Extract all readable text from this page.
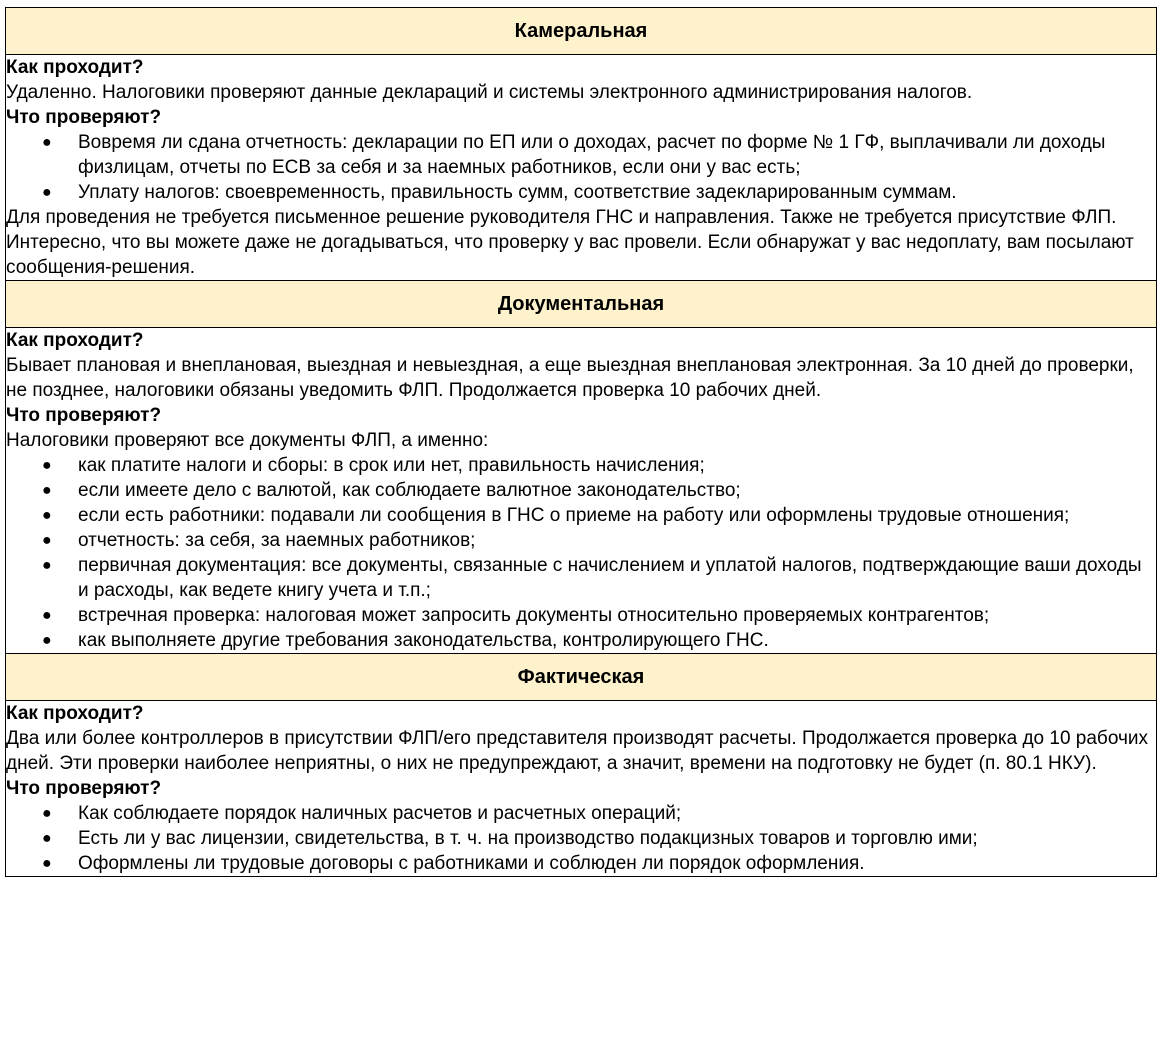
Камеральная

Как проходит?
Удаленно. Налоговики проверяют данные деклараций и системы электронного администрирования налогов.
Что проверяют?
● Вовремя ли сдана отчетность: декларации по ЕП или о доходах, расчет по форме № 1 ГФ, выплачивали ли доходы физлицам, отчеты по ЕСВ за себя и за наемных работников, если они у вас есть;
● Уплату налогов: своевременность, правильность сумм, соответствие задекларированным суммам.
Для проведения не требуется письменное решение руководителя ГНС и направления. Также не требуется присутствие ФЛП. Интересно, что вы можете даже не догадываться, что проверку у вас провели. Если обнаружат у вас недоплату, вам посылают сообщения-решения.

Документальная

Как проходит?
Бывает плановая и внеплановая, выездная и невыездная, а еще выездная внеплановая электронная. За 10 дней до проверки, не позднее, налоговики обязаны уведомить ФЛП. Продолжается проверка 10 рабочих дней.
Что проверяют?
Налоговики проверяют все документы ФЛП, а именно:
● как платите налоги и сборы: в срок или нет, правильность начисления;
● если имеете дело с валютой, как соблюдаете валютное законодательство;
● если есть работники: подавали ли сообщения в ГНС о приеме на работу или оформлены трудовые отношения;
● отчетность: за себя, за наемных работников;
● первичная документация: все документы, связанные с начислением и уплатой налогов, подтверждающие ваши доходы и расходы, как ведете книгу учета и т.п.;
● встречная проверка: налоговая может запросить документы относительно проверяемых контрагентов;
● как выполняете другие требования законодательства, контролирующего ГНС.

Фактическая

Как проходит?
Два или более контроллеров в присутствии ФЛП/его представителя производят расчеты. Продолжается проверка до 10 рабочих дней. Эти проверки наиболее неприятны, о них не предупреждают, а значит, времени на подготовку не будет (п. 80.1 НКУ).
Что проверяют?
● Как соблюдаете порядок наличных расчетов и расчетных операций;
● Есть ли у вас лицензии, свидетельства, в т. ч. на производство подакцизных товаров и торговлю ими;
● Оформлены ли трудовые договоры с работниками и соблюден ли порядок оформления.
